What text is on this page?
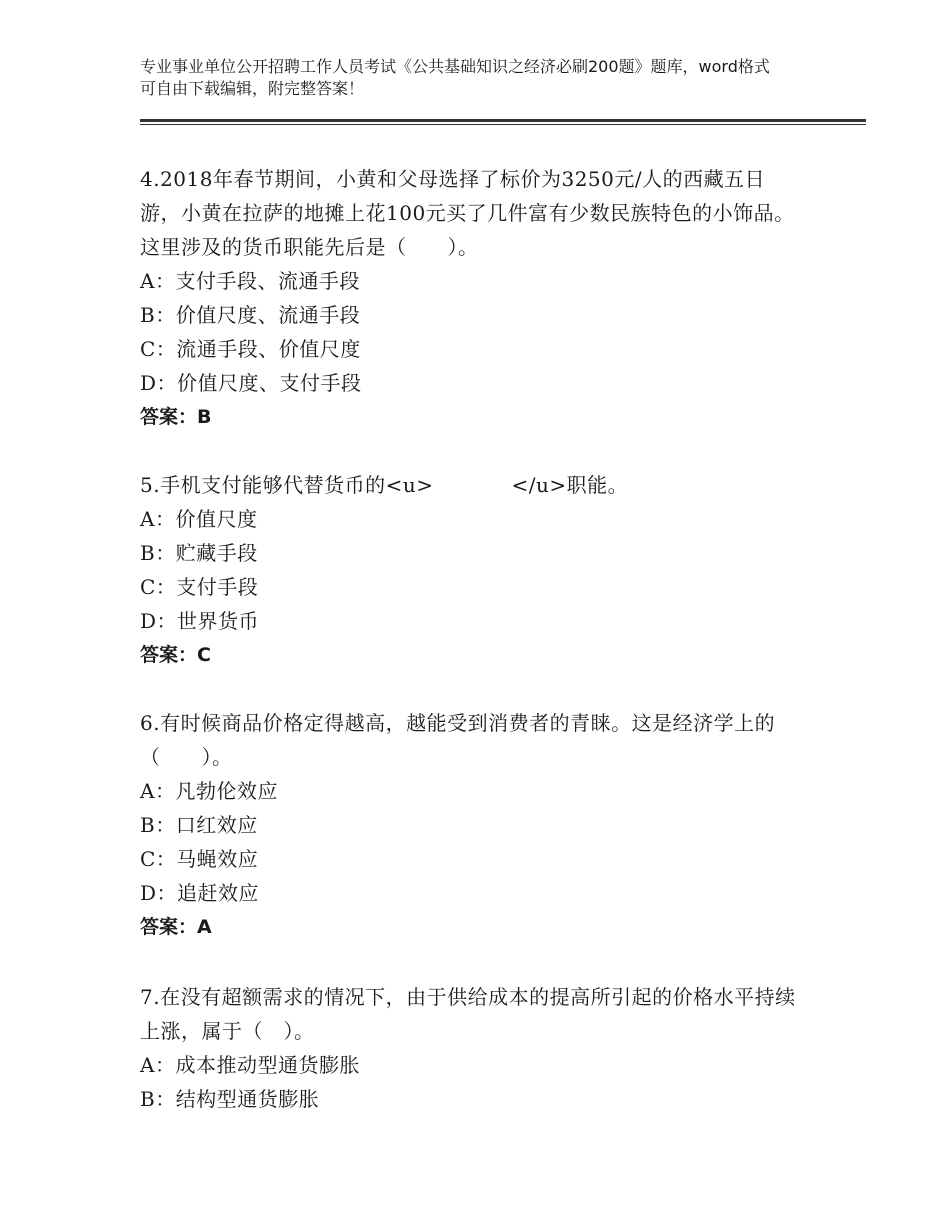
专业事业单位公开招聘工作人员考试《公共基础知识之经济必刷200题》题库，word格式可自由下载编辑，附完整答案！

4.2018年春节期间，小黄和父母选择了标价为3250元/人的西藏五日游，小黄在拉萨的地摊上花100元买了几件富有少数民族特色的小饰品。这里涉及的货币职能先后是（　　）。

A：支付手段、流通手段

B：价值尺度、流通手段

C：流通手段、价值尺度

D：价值尺度、支付手段

答案：B

5.手机支付能够代替货币的<u>	</u>职能。

A：价值尺度

B：贮藏手段

C：支付手段

D：世界货币

答案：C

6.有时候商品价格定得越高，越能受到消费者的青睐。这是经济学上的（　　）。

A：凡勃伦效应

B：口红效应

C：马蝇效应

D：追赶效应

答案：A

7.在没有超额需求的情况下，由于供给成本的提高所引起的价格水平持续上涨，属于（　）。

A：成本推动型通货膨胀

B：结构型通货膨胀
